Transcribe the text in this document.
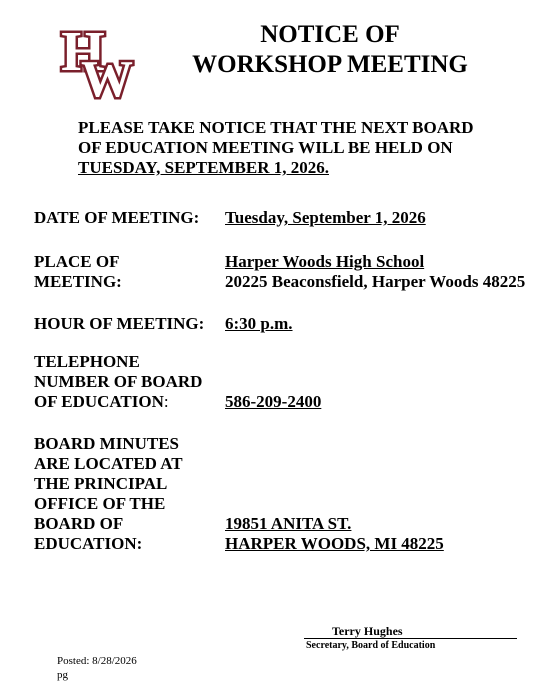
H
W
NOTICE OF
WORKSHOP MEETING
PLEASE TAKE NOTICE THAT THE NEXT BOARD
OF EDUCATION MEETING WILL BE HELD ON
TUESDAY, SEPTEMBER 1, 2026.
DATE OF MEETING: Tuesday, September 1, 2026
PLACE OF
MEETING:
Harper Woods High School
20225 Beaconsfield, Harper Woods 48225
HOUR OF MEETING: 6:30 p.m.
TELEPHONE
NUMBER OF BOARD
OF EDUCATION:	586-209-2400
BOARD MINUTES
ARE LOCATED AT
THE PRINCIPAL
OFFICE OF THE
BOARD OF
EDUCATION:
19851 ANITA ST.
HARPER WOODS, MI 48225
Terry Hughes
Secretary, Board of Education
Posted: 8/28/2026
pg
